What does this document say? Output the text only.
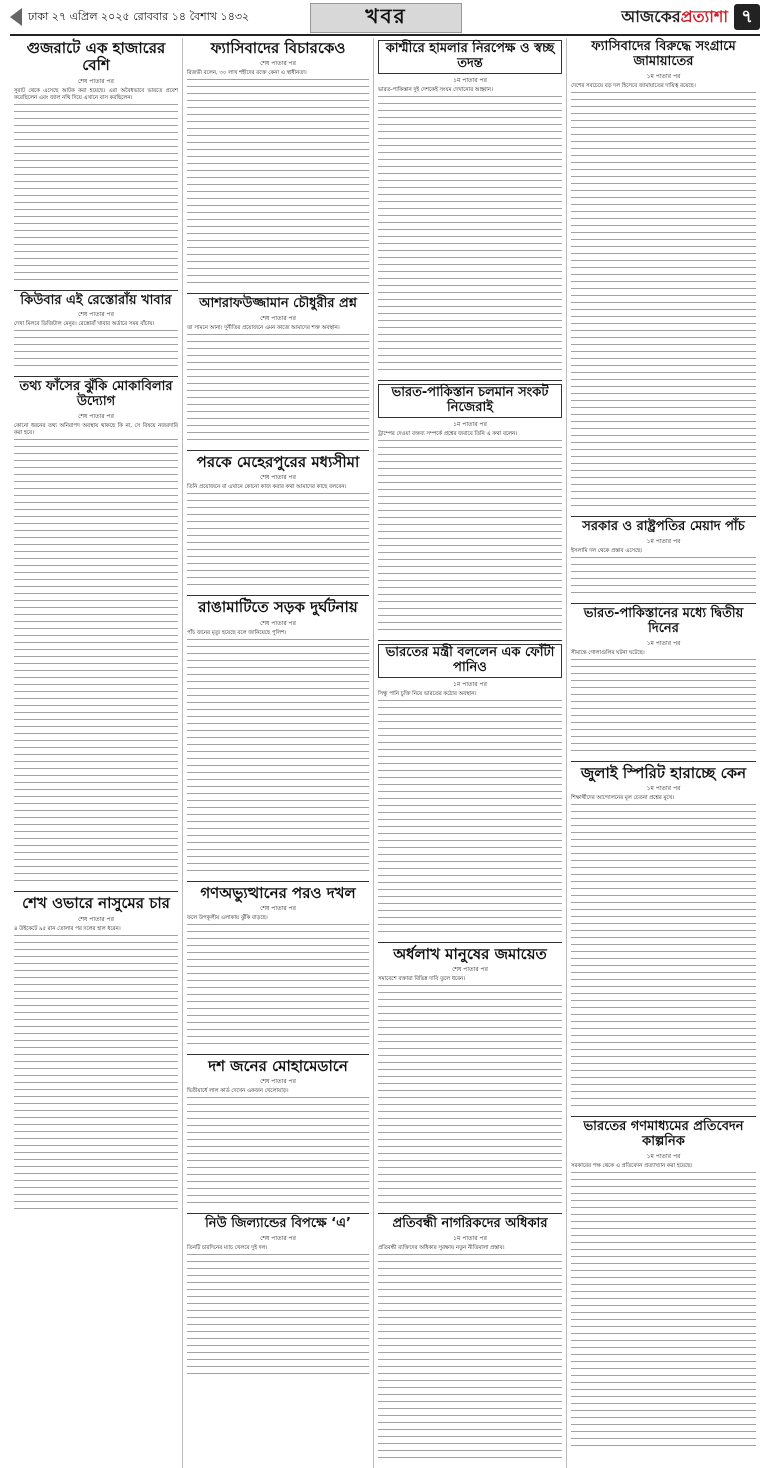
ঢাকা ২৭ এপ্রিল ২০২৫ রোববার ১৪ বৈশাখ ১৪৩২	খবর	আজকেরপ্রত্যাশা ৭
গুজরাটে এক হাজারের বেশি
শেষ পাতার পর
সুরাট থেকে এসেছে আটক করা হয়েছে। এরা অবৈধভাবে ভারতে প্রবেশ করেছিলেন এবং জাল নথি দিয়ে এখানে বাস করছিলেন।
কিউবার এই রেস্তোরাঁয় খাবার
শেষ পাতার পর
দেখা মিলবে ডিজিটাল মেনুর। রেস্তোরাঁ খাবার অর্ডারে সময় বাঁচায়।
তথ্য ফাঁসের ঝুঁকি মোকাবিলার উদ্যোগ
শেষ পাতার পর
কোনো ধরনের তথ্য অনিরাপদ অবস্থায় থাকছে কি না, সে বিষয়ে নজরদারি করা হবে।
শেখ ওভারে নাসুমের চার
শেষ পাতার পর
৪ উইকেটে ৯৫ রান তোলার পর দলের হাল ধরেন।
ফ্যাসিবাদের বিচারকেও
শেষ পাতার পর
রিজভী বলেন, ৩০ লাখ শহীদের রক্তে কেনা এ স্বাধীনতা।
আশরাফউজ্জামান চৌধুরীর প্রশ্ন
শেষ পাতার পর
তা সামনে আনা। দুর্নীতির প্রয়োজনে এমন কাজে আমাদের শক্ত অবস্থান।
পরকে মেহেরপুরের মধ্যসীমা
শেষ পাতার পর
তিনি প্রয়োজনে বা এখানে কোনো কাজ করার কথা আমাদের কাছে বলবেন।
রাঙামাটিতে সড়ক দুর্ঘটনায়
শেষ পাতার পর
পাঁচ জনের মৃত্যু হয়েছে বলে জানিয়েছে পুলিশ।
গণঅভ্যুত্থানের পরও দখল
শেষ পাতার পর
ফলে উপকূলীয় এলাকায় ঝুঁকি বাড়ছে।
দশ জনের মোহামেডানে
শেষ পাতার পর
দ্বিতীয়ার্ধে লাল কার্ড দেখেন একজন খেলোয়াড়।
নিউ জিল্যান্ডের বিপক্ষে ‘এ’
শেষ পাতার পর
তিনটি চারদিনের ম্যাচ খেলবে দুই দল।
কাশ্মীরে হামলার নিরপেক্ষ ও স্বচ্ছ তদন্ত
১ম পাতার পর
ভারত-পাকিস্তান দুই দেশকেই সংযম দেখানোর আহ্বান।
ভারত-পাকিস্তান চলমান সংকট নিজেরাই
১ম পাতার পর
ট্রাম্পের দেওয়া বক্তব্য সম্পর্কে প্রশ্নের জবাবে তিনি এ কথা বলেন।
ভারতের মন্ত্রী বললেন এক ফোঁটা পানিও
১ম পাতার পর
সিন্ধু পানি চুক্তি নিয়ে ভারতের কঠোর অবস্থান।
অর্ধলাখ মানুষের জমায়েত
শেষ পাতার পর
সমাবেশে বক্তারা বিভিন্ন দাবি তুলে ধরেন।
প্রতিবন্ধী নাগরিকদের অধিকার
১ম পাতার পর
প্রতিবন্ধী ব্যক্তিদের অধিকার সুরক্ষায় নতুন নীতিমালা প্রস্তাব।
ফ্যাসিবাদের বিরুদ্ধে সংগ্রামে জামায়াতের
১ম পাতার পর
দেশের সবচেয়ে বড় দল হিসেবে জামায়াতের দায়িত্ব রয়েছে।
সরকার ও রাষ্ট্রপতির মেয়াদ পাঁচ
১ম পাতার পর
ইসলামি দল থেকে প্রস্তাব এসেছে।
ভারত-পাকিস্তানের মধ্যে দ্বিতীয় দিনের
১ম পাতার পর
সীমান্তে গোলাগুলির ঘটনা ঘটেছে।
জুলাই স্পিরিট হারাচ্ছে কেন
১ম পাতার পর
শিক্ষার্থীদের আন্দোলনের মূল চেতনা প্রশ্নের মুখে।
ভারতের গণমাধ্যমের প্রতিবেদন কাল্পনিক
১ম পাতার পর
সরকারের পক্ষ থেকে এ প্রতিবেদন প্রত্যাখ্যান করা হয়েছে।
